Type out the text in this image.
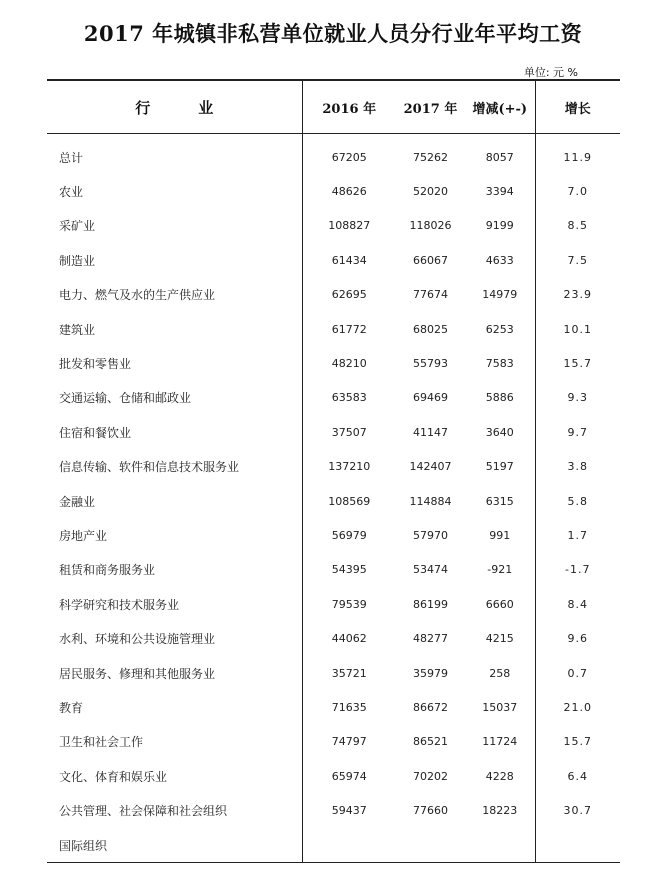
2017 年城镇非私营单位就业人员分行业年平均工资
单位: 元 %
行业	2016 年	2017 年	增减(+-)	增长

总计	67205	75262	8057	11.9
农业	48626	52020	3394	7.0
采矿业	108827	118026	9199	8.5
制造业	61434	66067	4633	7.5
电力、燃气及水的生产供应业	62695	77674	14979	23.9
建筑业	61772	68025	6253	10.1
批发和零售业	48210	55793	7583	15.7
交通运输、仓储和邮政业	63583	69469	5886	9.3
住宿和餐饮业	37507	41147	3640	9.7
信息传输、软件和信息技术服务业	137210	142407	5197	3.8
金融业	108569	114884	6315	5.8
房地产业	56979	57970	991	1.7
租赁和商务服务业	54395	53474	-921	-1.7
科学研究和技术服务业	79539	86199	6660	8.4
水利、环境和公共设施管理业	44062	48277	4215	9.6
居民服务、修理和其他服务业	35721	35979	258	0.7
教育	71635	86672	15037	21.0
卫生和社会工作	74797	86521	11724	15.7
文化、体育和娱乐业	65974	70202	4228	6.4
公共管理、社会保障和社会组织	59437	77660	18223	30.7
国际组织				
